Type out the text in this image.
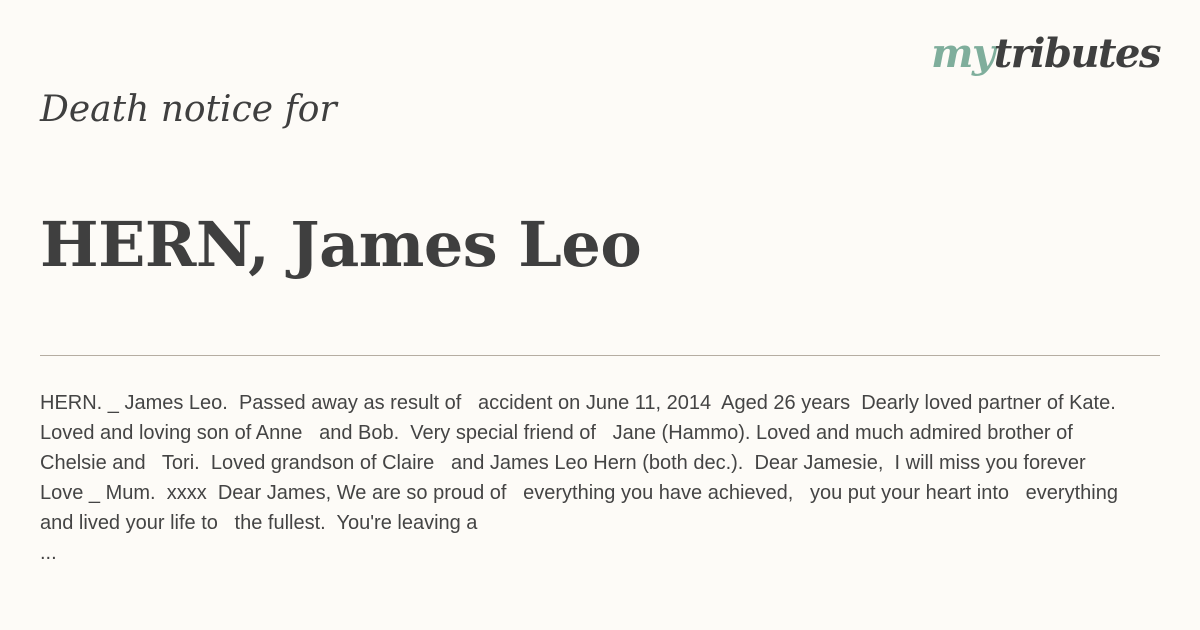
mytributes
Death notice for
HERN, James Leo

HERN. _ James Leo.  Passed away as result of   accident on June 11, 2014  Aged 26 years  Dearly loved partner of Kate.  Loved and loving son of Anne   and Bob.  Very special friend of   Jane (Hammo). Loved and much admired brother of Chelsie and   Tori.  Loved grandson of Claire   and James Leo Hern (both dec.).  Dear Jamesie,  I will miss you forever  Love _ Mum.  xxxx  Dear James, We are so proud of   everything you have achieved,   you put your heart into   everything and lived your life to   the fullest.  You're leaving a
...
